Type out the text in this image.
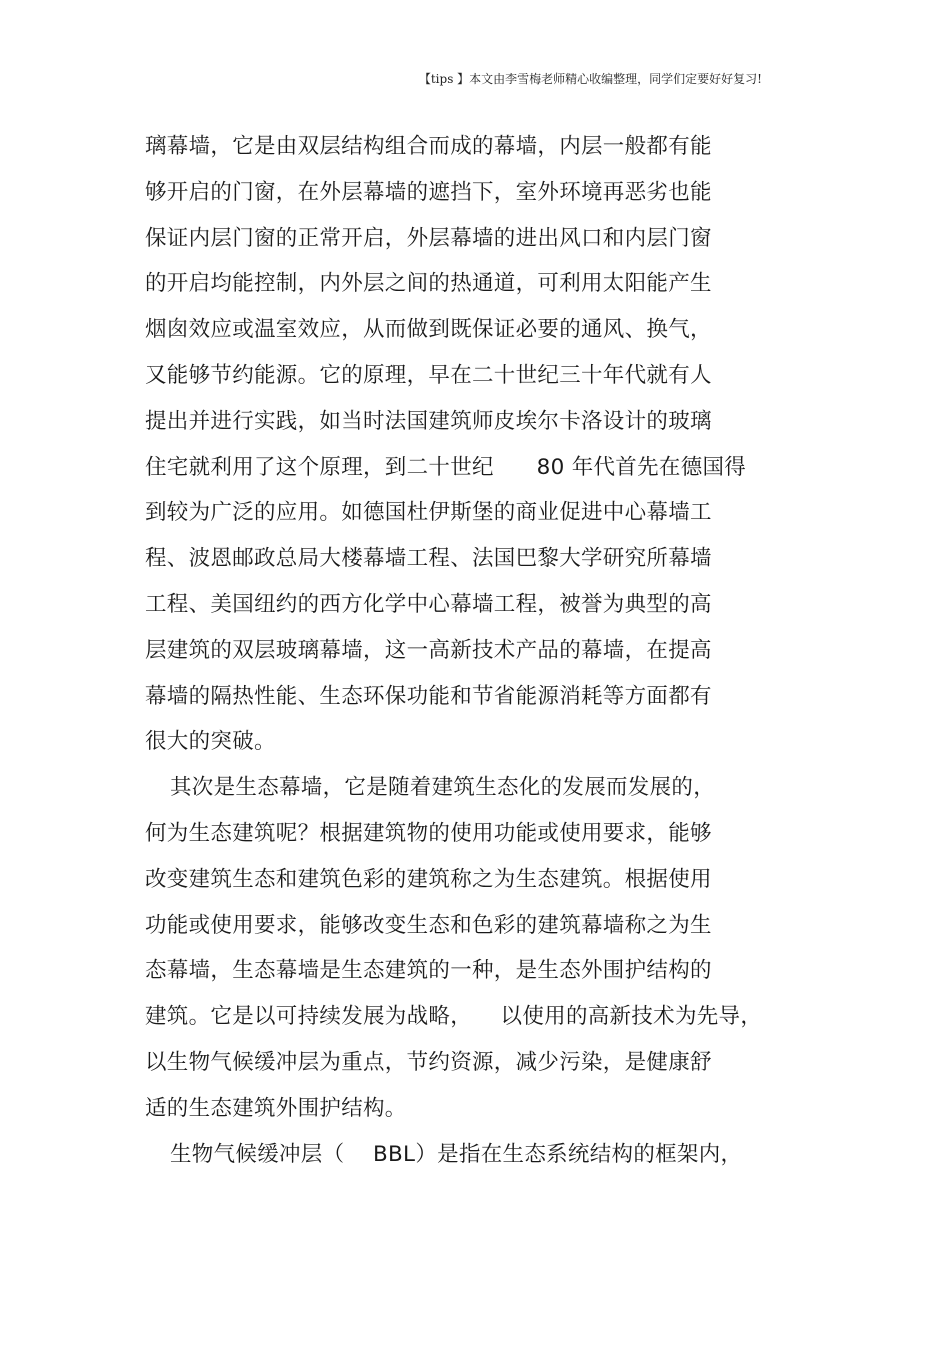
【tips 】本文由李雪梅老师精心收编整理，同学们定要好好复习!
璃幕墙，它是由双层结构组合而成的幕墙，内层一般都有能
够开启的门窗，在外层幕墙的遮挡下，室外环境再恶劣也能
保证内层门窗的正常开启，外层幕墙的进出风口和内层门窗
的开启均能控制，内外层之间的热通道，可利用太阳能产生
烟囱效应或温室效应，从而做到既保证必要的通风、换气，
又能够节约能源。它的原理，早在二十世纪三十年代就有人
提出并进行实践，如当时法国建筑师皮埃尔卡洛设计的玻璃
住宅就利用了这个原理，到二十世纪      80 年代首先在德国得
到较为广泛的应用。如德国杜伊斯堡的商业促进中心幕墙工
程、波恩邮政总局大楼幕墙工程、法国巴黎大学研究所幕墙
工程、美国纽约的西方化学中心幕墙工程，被誉为典型的高
层建筑的双层玻璃幕墙，这一高新技术产品的幕墙，在提高
幕墙的隔热性能、生态环保功能和节省能源消耗等方面都有
很大的突破。
其次是生态幕墙，它是随着建筑生态化的发展而发展的，
何为生态建筑呢？根据建筑物的使用功能或使用要求，能够
改变建筑生态和建筑色彩的建筑称之为生态建筑。根据使用
功能或使用要求，能够改变生态和色彩的建筑幕墙称之为生
态幕墙，生态幕墙是生态建筑的一种，是生态外围护结构的
建筑。它是以可持续发展为战略，    以使用的高新技术为先导，
以生物气候缓冲层为重点，节约资源，减少污染，是健康舒
适的生态建筑外围护结构。
生物气候缓冲层（    BBL）是指在生态系统结构的框架内，
